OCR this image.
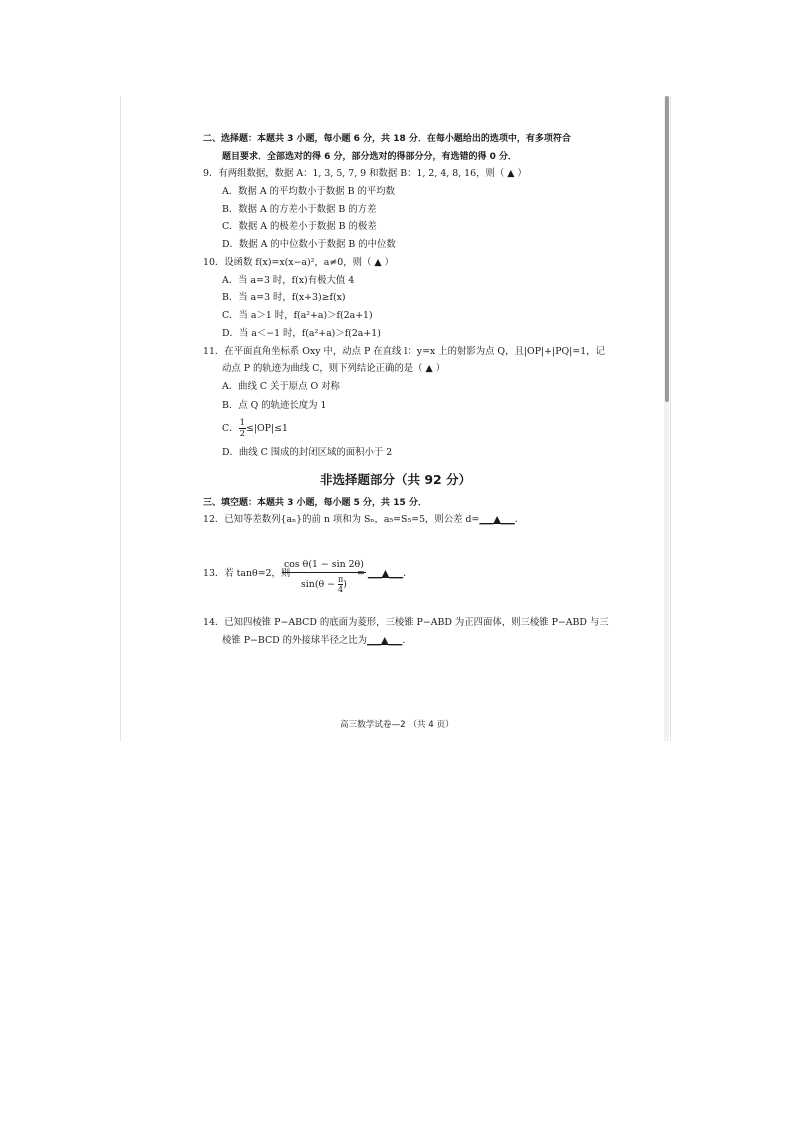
二、选择题：本题共 3 小题，每小题 6 分，共 18 分．在每小题给出的选项中，有多项符合
题目要求．全部选对的得 6 分，部分选对的得部分分，有选错的得 0 分．
9．有两组数据，数据 A：1, 3, 5, 7, 9 和数据 B：1, 2, 4, 8, 16，则（ ▲ ）
A．数据 A 的平均数小于数据 B 的平均数
B．数据 A 的方差小于数据 B 的方差
C．数据 A 的极差小于数据 B 的极差
D．数据 A 的中位数小于数据 B 的中位数
10．设函数 f(x)=x(x−a)²，a≠0，则（ ▲ ）
A．当 a=3 时，f(x)有极大值 4
B．当 a=3 时，f(x+3)≥f(x)
C．当 a＞1 时，f(a²+a)＞f(2a+1)
D．当 a＜−1 时，f(a²+a)＞f(2a+1)
11．在平面直角坐标系 Oxy 中，动点 P 在直线 l：y=x 上的射影为点 Q，且|OP|+|PQ|=1，记
动点 P 的轨迹为曲线 C，则下列结论正确的是（ ▲ ）
A．曲线 C 关于原点 O 对称
B．点 Q 的轨迹长度为 1
C． $\frac{1}{2} \le|OP|\le 1$
D．曲线 C 围成的封闭区域的面积小于 2
非选择题部分（共 92 分）
三、填空题：本题共 3 小题，每小题 5 分，共 15 分．
12．已知等差数列{aₙ}的前 n 项和为 Sₙ，a₅=S₅=5，则公差 d=___▲___．
13．若 tanθ=2，则
$\frac{\text{cos θ(1 − sin 2θ)}}{\sin(\theta - \frac{\pi}{4} )}$
= ___▲___．
14．已知四棱锥 P−ABCD 的底面为菱形，三棱锥 P−ABD 为正四面体，则三棱锥 P−ABD 与三
棱锥 P−BCD 的外接球半径之比为___▲___．
高三数学试卷—2 （共 4 页）
